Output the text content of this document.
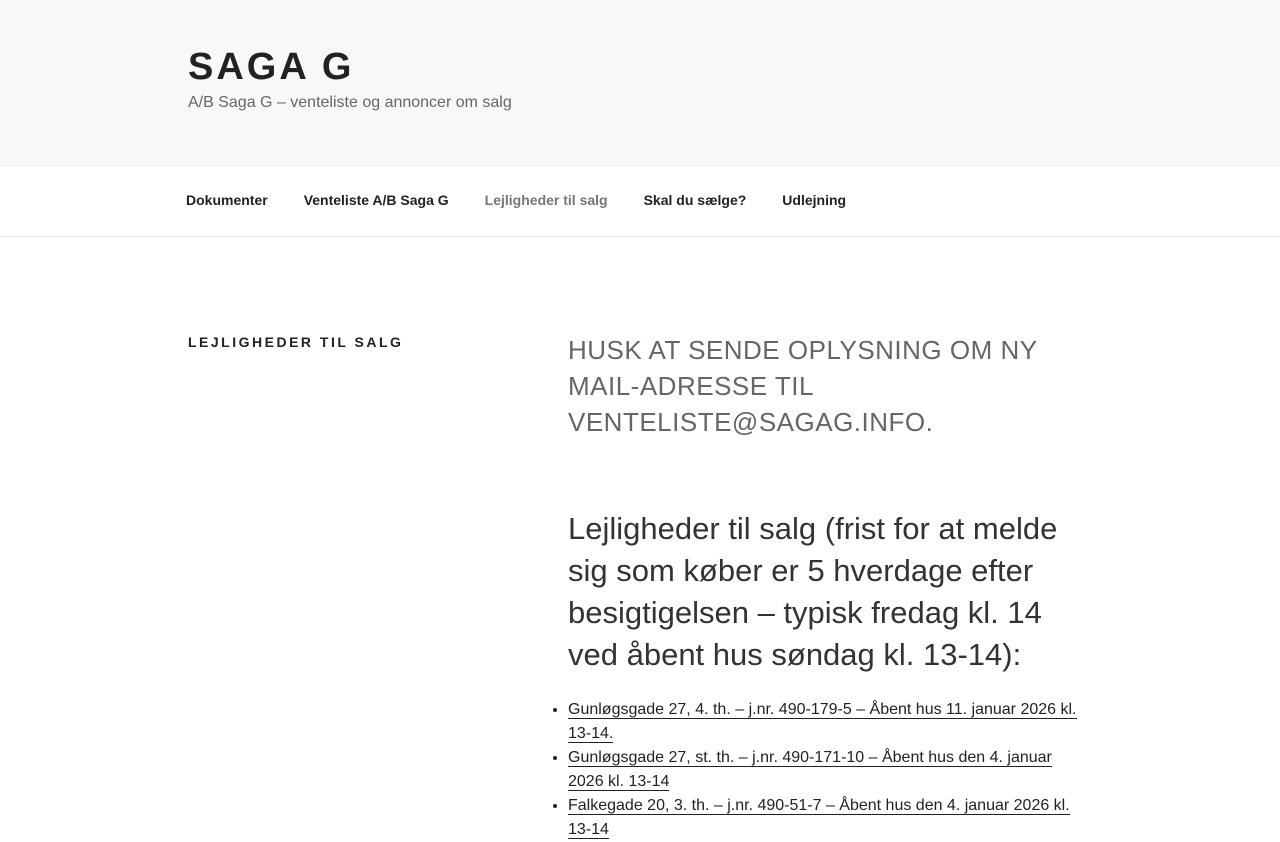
SAGA G

A/B Saga G – venteliste og annoncer om salg

Dokumenter	Venteliste A/B Saga G	Lejligheder til salg	Skal du sælge?	Udlejning
LEJLIGHEDER TIL SALG	HUSK AT SENDE OPLYSNING OM NY MAIL-ADRESSE TIL VENTELISTE@SAGAG.INFO.
Lejligheder til salg (frist for at melde sig som køber er 5 hverdage efter besigtigelsen – typisk fredag kl. 14 ved åbent hus søndag kl. 13-14):
• Gunløgsgade 27, 4. th. – j.nr. 490-179-5 – Åbent hus 11. januar 2026 kl. 13-14.
• Gunløgsgade 27, st. th. – j.nr. 490-171-10 – Åbent hus den 4. januar 2026 kl. 13-14
• Falkegade 20, 3. th. – j.nr. 490-51-7 – Åbent hus den 4. januar 2026 kl. 13-14
